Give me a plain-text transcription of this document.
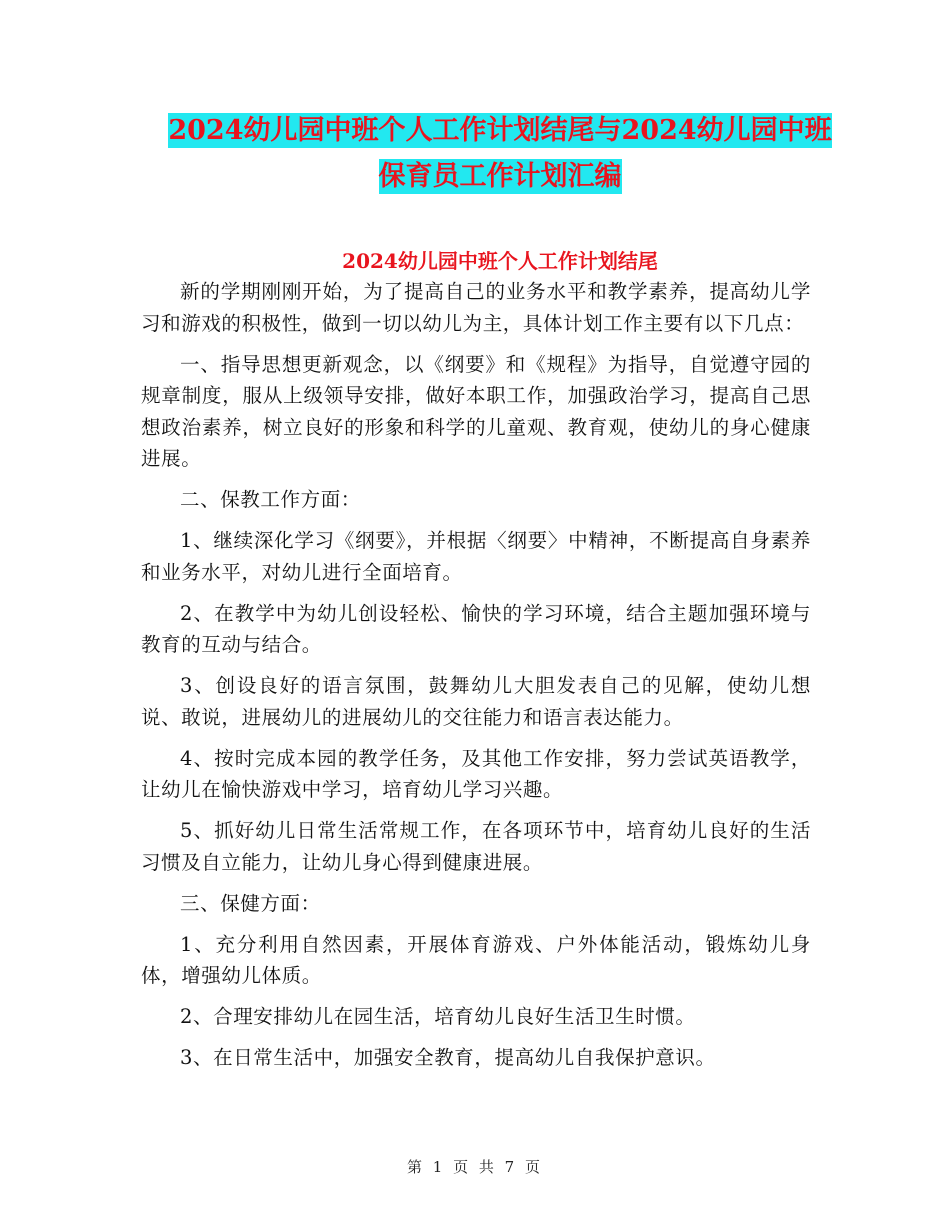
2024幼儿园中班个人工作计划结尾与2024幼儿园中班
保育员工作计划汇编
2024幼儿园中班个人工作计划结尾

新的学期刚刚开始，为了提高自己的业务水平和教学素养，提高幼儿学习和游戏的积极性，做到一切以幼儿为主，具体计划工作主要有以下几点：

一、指导思想更新观念，以《纲要》和《规程》为指导，自觉遵守园的规章制度，服从上级领导安排，做好本职工作，加强政治学习，提高自己思想政治素养，树立良好的形象和科学的儿童观、教育观，使幼儿的身心健康进展。

二、保教工作方面：

1、继续深化学习《纲要》，并根据〈纲要〉中精神，不断提高自身素养和业务水平，对幼儿进行全面培育。

2、在教学中为幼儿创设轻松、愉快的学习环境，结合主题加强环境与教育的互动与结合。

3、创设良好的语言氛围，鼓舞幼儿大胆发表自己的见解，使幼儿想说、敢说，进展幼儿的进展幼儿的交往能力和语言表达能力。

4、按时完成本园的教学任务，及其他工作安排，努力尝试英语教学，让幼儿在愉快游戏中学习，培育幼儿学习兴趣。

5、抓好幼儿日常生活常规工作，在各项环节中，培育幼儿良好的生活习惯及自立能力，让幼儿身心得到健康进展。

三、保健方面：

1、充分利用自然因素，开展体育游戏、户外体能活动，锻炼幼儿身体，增强幼儿体质。

2、合理安排幼儿在园生活，培育幼儿良好生活卫生时惯。

3、在日常生活中，加强安全教育，提高幼儿自我保护意识。

第 1 页 共 7 页
